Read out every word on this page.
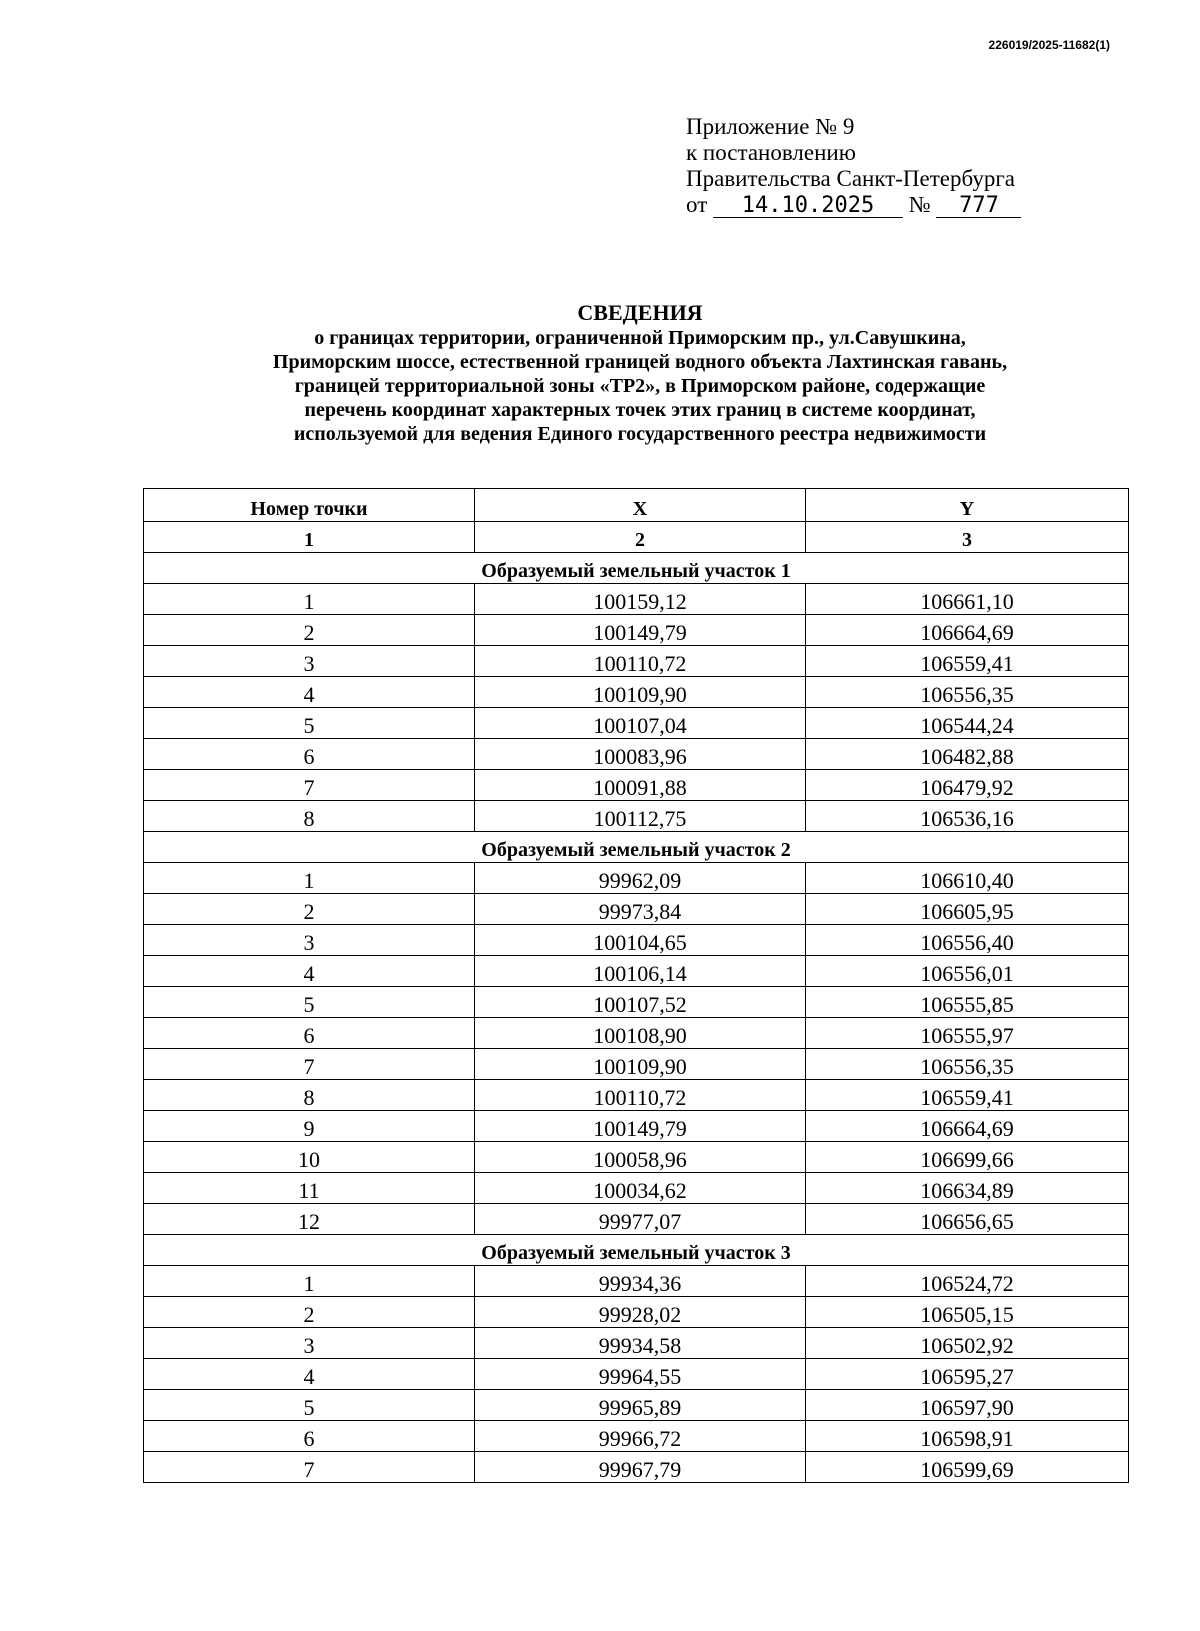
226019/2025-11682(1)
Приложение № 9
к постановлению
Правительства Санкт-Петербурга
от 14.10.2025 № 777
СВЕДЕНИЯ
о границах территории, ограниченной Приморским пр., ул.Савушкина,
Приморским шоссе, естественной границей водного объекта Лахтинская гавань,
границей территориальной зоны «ТР2», в Приморском районе, содержащие
перечень координат характерных точек этих границ в системе координат,
используемой для ведения Единого государственного реестра недвижимости
Номер точки	X	Y
1	2	3
Образуемый земельный участок 1		
1	100159,12	106661,10
2	100149,79	106664,69
3	100110,72	106559,41
4	100109,90	106556,35
5	100107,04	106544,24
6	100083,96	106482,88
7	100091,88	106479,92
8	100112,75	106536,16
Образуемый земельный участок 2		
1	99962,09	106610,40
2	99973,84	106605,95
3	100104,65	106556,40
4	100106,14	106556,01
5	100107,52	106555,85
6	100108,90	106555,97
7	100109,90	106556,35
8	100110,72	106559,41
9	100149,79	106664,69
10	100058,96	106699,66
11	100034,62	106634,89
12	99977,07	106656,65
Образуемый земельный участок 3		
1	99934,36	106524,72
2	99928,02	106505,15
3	99934,58	106502,92
4	99964,55	106595,27
5	99965,89	106597,90
6	99966,72	106598,91
7	99967,79	106599,69
